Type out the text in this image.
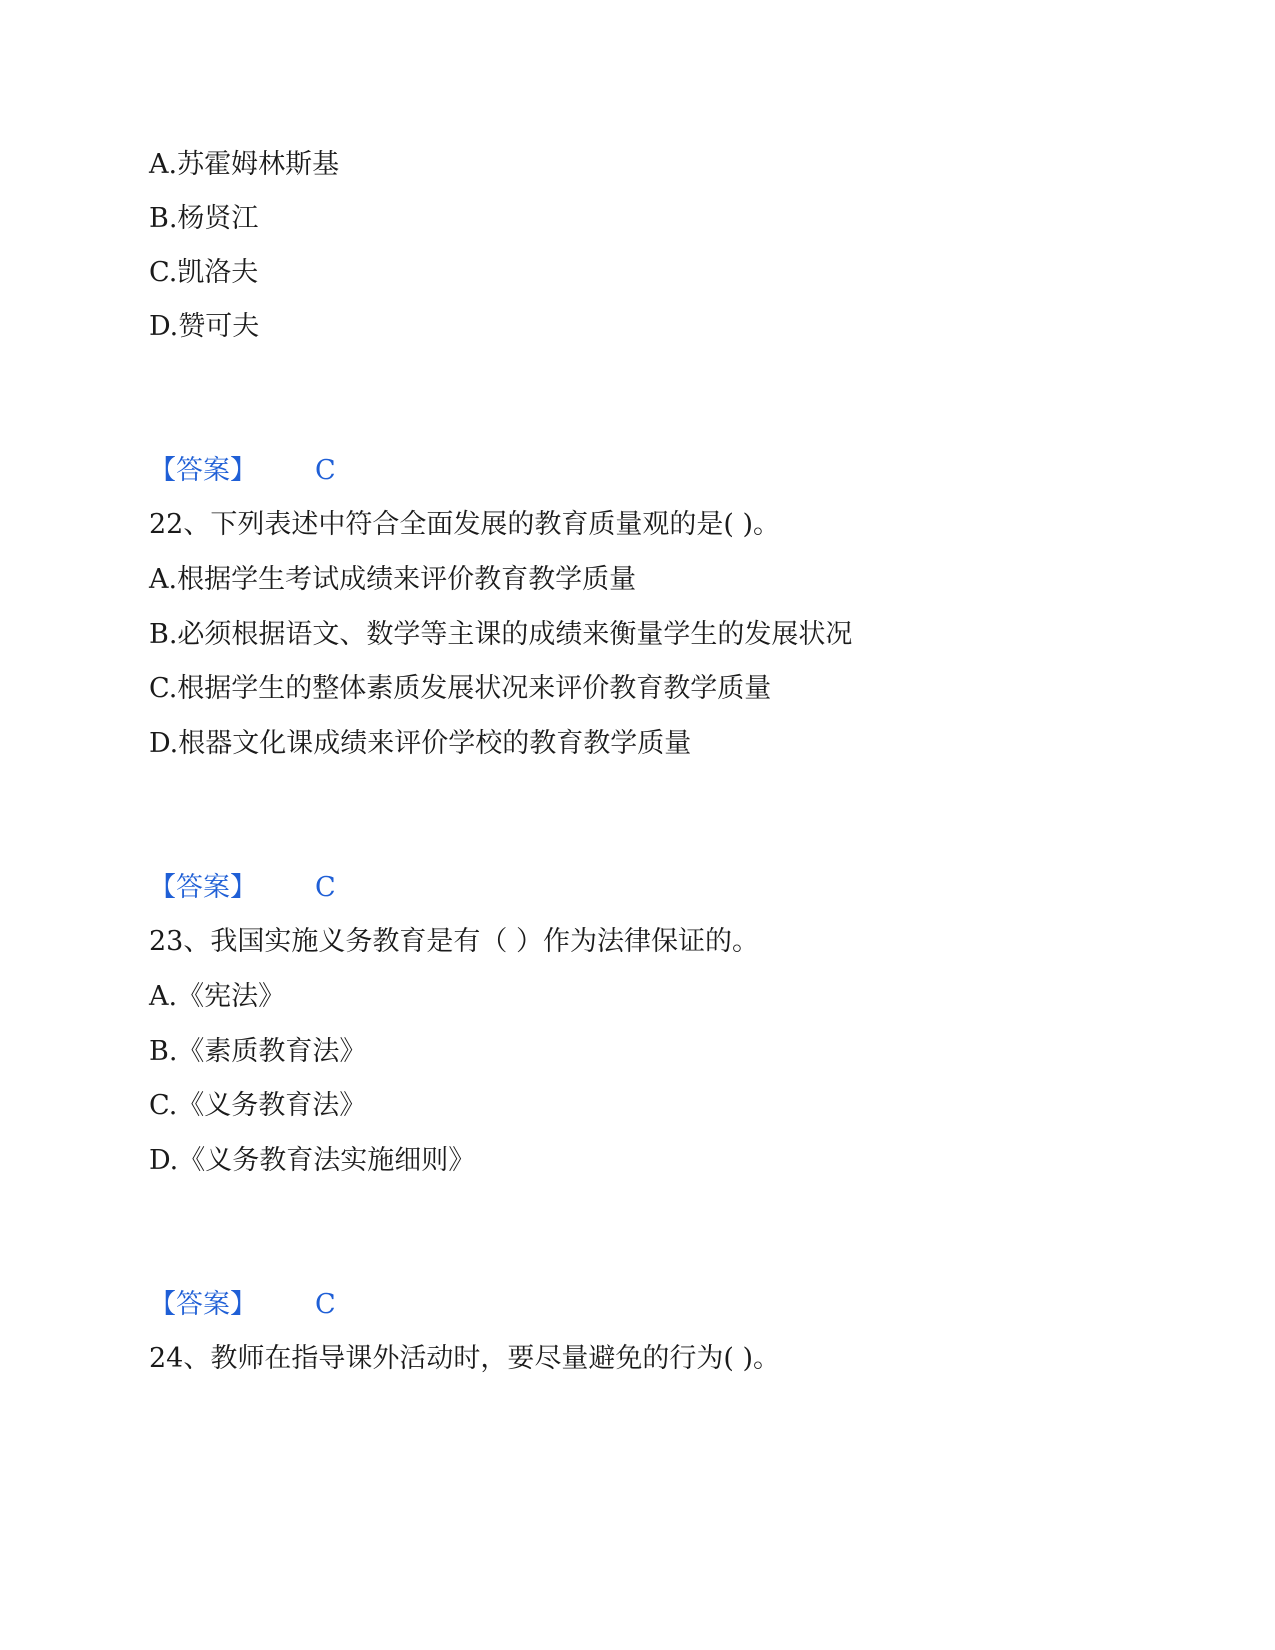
A.苏霍姆林斯基
B.杨贤江
C.凯洛夫
D.赞可夫
【答案】 C
22、下列表述中符合全面发展的教育质量观的是( )。
A.根据学生考试成绩来评价教育教学质量
B.必须根据语文、数学等主课的成绩来衡量学生的发展状况
C.根据学生的整体素质发展状况来评价教育教学质量
D.根器文化课成绩来评价学校的教育教学质量
【答案】 C
23、我国实施义务教育是有（ ）作为法律保证的。
A.《宪法》
B.《素质教育法》
C.《义务教育法》
D.《义务教育法实施细则》
【答案】 C
24、教师在指导课外活动时，要尽量避免的行为( )。
